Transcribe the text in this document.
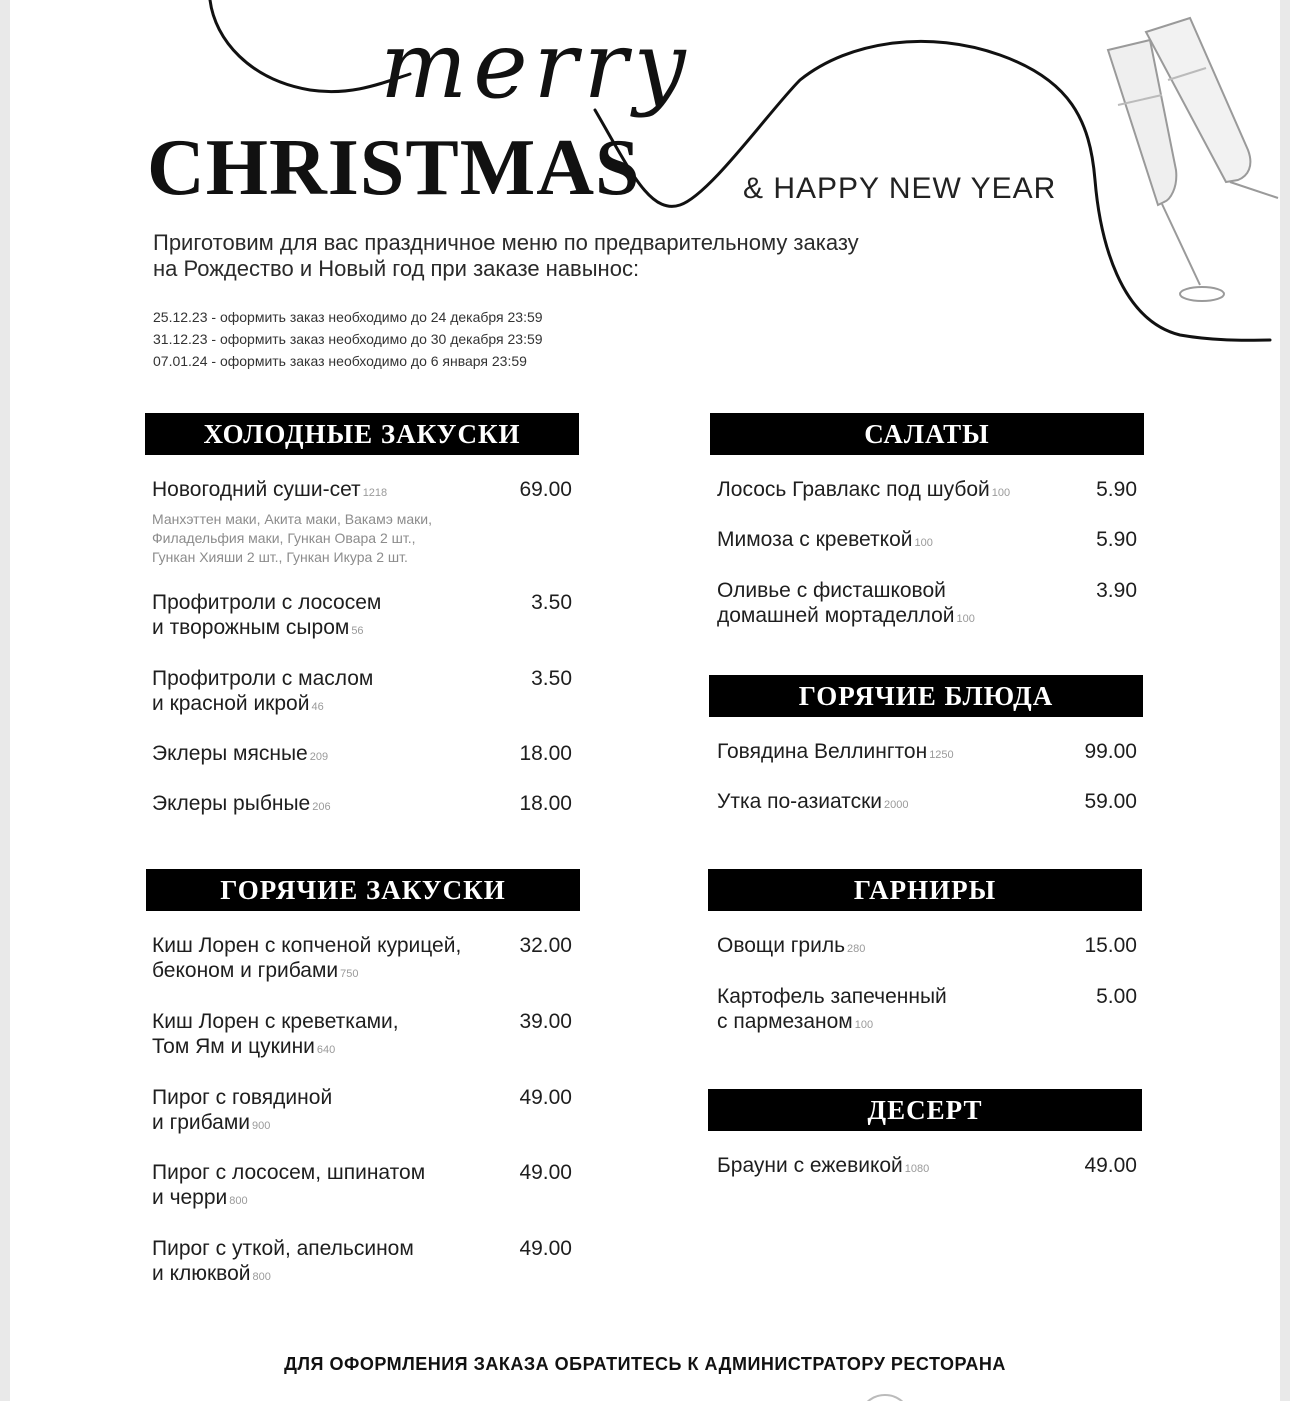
merry
CHRISTMAS	& HAPPY NEW YEAR
Приготовим для вас праздничное меню по предварительному заказу
на Рождество и Новый год при заказе навынос:
25.12.23 - оформить заказ необходимо до 24 декабря 23:59
31.12.23 - оформить заказ необходимо до 30 декабря 23:59
07.01.24 - оформить заказ необходимо до 6 января 23:59
ХОЛОДНЫЕ ЗАКУСКИ
Новогодний суши-сет 1218	69.00
Манхэттен маки, Акита маки, Вакамэ маки,
Филадельфия маки, Гункан Овара 2 шт.,
Гункан Хияши 2 шт., Гункан Икура 2 шт.
Профитроли с лососем
и творожным сыром 56
3.50
Профитроли с маслом
и красной икрой 46
3.50
Эклеры мясные 209	18.00
Эклеры рыбные 206	18.00
ГОРЯЧИЕ ЗАКУСКИ
Киш Лорен с копченой курицей,
беконом и грибами 750
32.00
Киш Лорен с креветками,
Том Ям и цукини 640
39.00
Пирог с говядиной
и грибами 900
49.00
Пирог с лососем, шпинатом
и черри 800
49.00
Пирог с уткой, апельсином
и клюквой 800
49.00
САЛАТЫ
Лосось Гравлакс под шубой 100	5.90
Мимоза с креветкой 100	5.90
Оливье с фисташковой
домашней мортаделлой 100
3.90
ГОРЯЧИЕ БЛЮДА
Говядина Веллингтон 1250	99.00
Утка по-азиатски 2000	59.00
ГАРНИРЫ
Овощи гриль 280	15.00
Картофель запеченный
с пармезаном 100
5.00
ДЕСЕРТ
Брауни с ежевикой 1080	49.00
ДЛЯ ОФОРМЛЕНИЯ ЗАКАЗА ОБРАТИТЕСЬ К АДМИНИСТРАТОРУ РЕСТОРАНА
